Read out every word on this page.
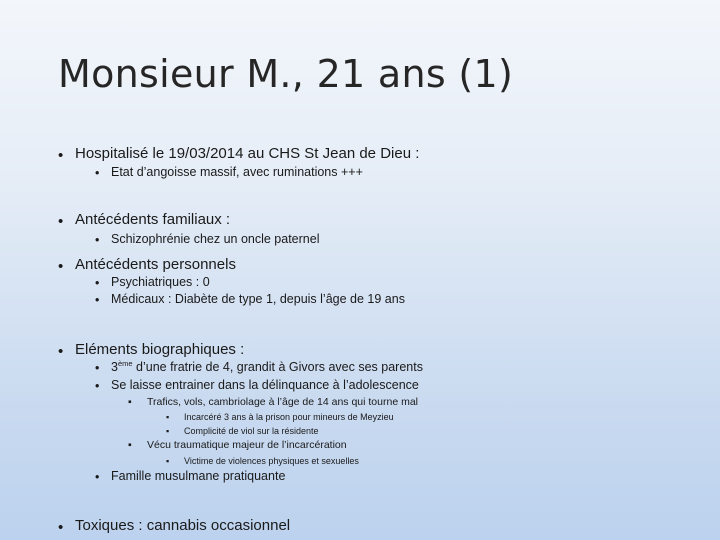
Monsieur M., 21 ans (1)
• Hospitalisé le 19/03/2014 au CHS St Jean de Dieu :
• Etat d’angoisse massif, avec ruminations +++
• Antécédents familiaux :
• Schizophrénie chez un oncle paternel
• Antécédents personnels
• Psychiatriques : 0
• Médicaux : Diabète de type 1, depuis l’âge de 19 ans
• Eléments biographiques :
• 3ème d’une fratrie de 4, grandit à Givors avec ses parents
• Se laisse entrainer dans la délinquance à l’adolescence
▪ Trafics, vols, cambriolage à l’âge de 14 ans qui tourne mal
▪ Incarcéré 3 ans à la prison pour mineurs de Meyzieu
▪ Complicité de viol sur la résidente
▪ Vécu traumatique majeur de l’incarcération
▪ Victime de violences physiques et sexuelles
• Famille musulmane pratiquante
• Toxiques : cannabis occasionnel
